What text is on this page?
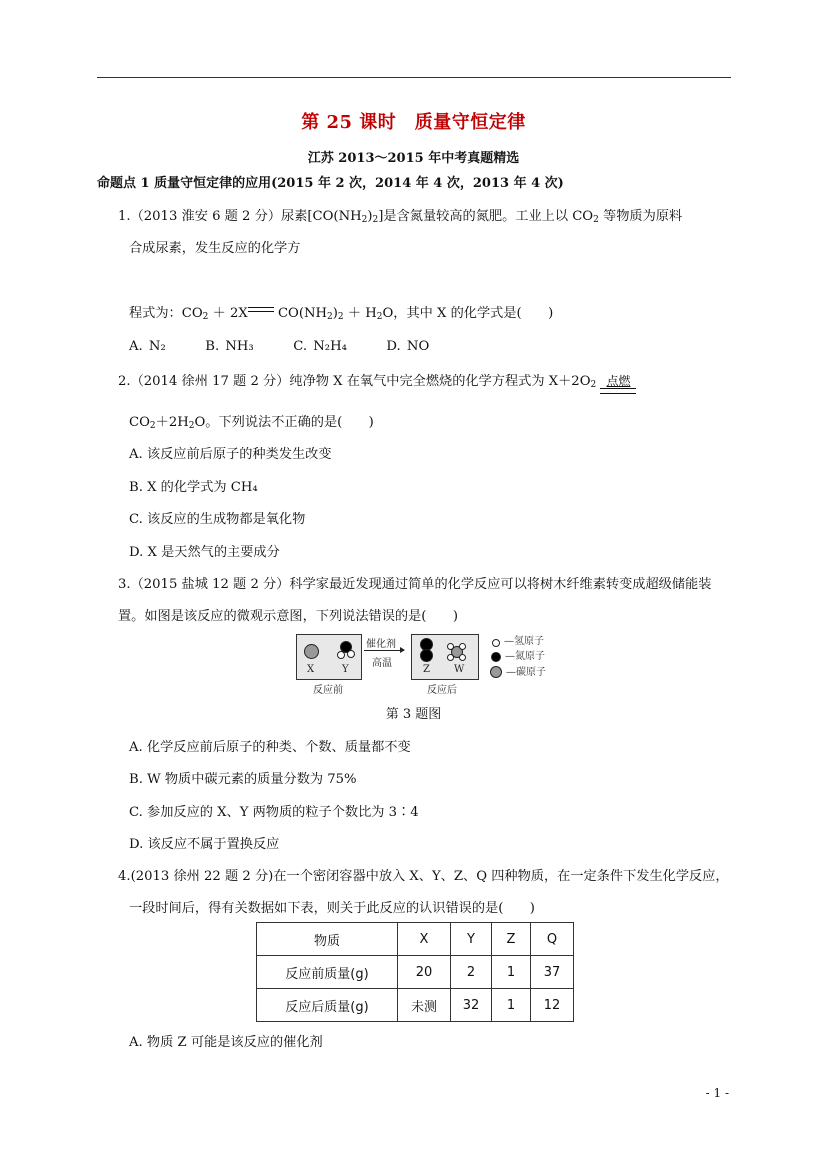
第 25 课时　质量守恒定律
江苏 2013～2015 年中考真题精选
命题点 1 质量守恒定律的应用(2015 年 2 次，2014 年 4 次，2013 年 4 次)
1.（2013 淮安 6 题 2 分）尿素$[CO(NH_2)_2]$是含氮量较高的氮肥。工业上以 $CO_2$ 等物质为原料
合成尿素，发生反应的化学方
程式为：$CO_2 + 2X$ $CO(NH_2)_2 + H_2O$，其中 X 的化学式是(　　)
A. N₂　　　B. NH₃　　　C. N₂H₄　　　D. NO
2.（2014 徐州 17 题 2 分）纯净物 X 在氧气中完全燃烧的化学方程式为 $X+2O_2$ 点燃
$CO_2+2H_2O$。下列说法不正确的是(　　)
A. 该反应前后原子的种类发生改变
B. X 的化学式为 CH₄
C. 该反应的生成物都是氧化物
D. X 是天然气的主要成分
3.（2015 盐城 12 题 2 分）科学家最近发现通过简单的化学反应可以将树木纤维素转变成超级储能装
置。如图是该反应的微观示意图，下列说法错误的是(　　)
X	Y
反应前
催化剂
高温
Z W
反应后
—氢原子
—氮原子
—碳原子
第 3 题图
A. 化学反应前后原子的种类、个数、质量都不变
B. W 物质中碳元素的质量分数为 75%
C. 参加反应的 X、Y 两物质的粒子个数比为 3∶4
D. 该反应不属于置换反应
4.(2013 徐州 22 题 2 分)在一个密闭容器中放入 X、Y、Z、Q 四种物质，在一定条件下发生化学反应，
一段时间后，得有关数据如下表，则关于此反应的认识错误的是(　　)
物质	X	Y	Z	Q
反应前质量(g)	20	2	1	37
反应后质量(g)	未测	32	1	12
A. 物质 Z 可能是该反应的催化剂
- 1 -
